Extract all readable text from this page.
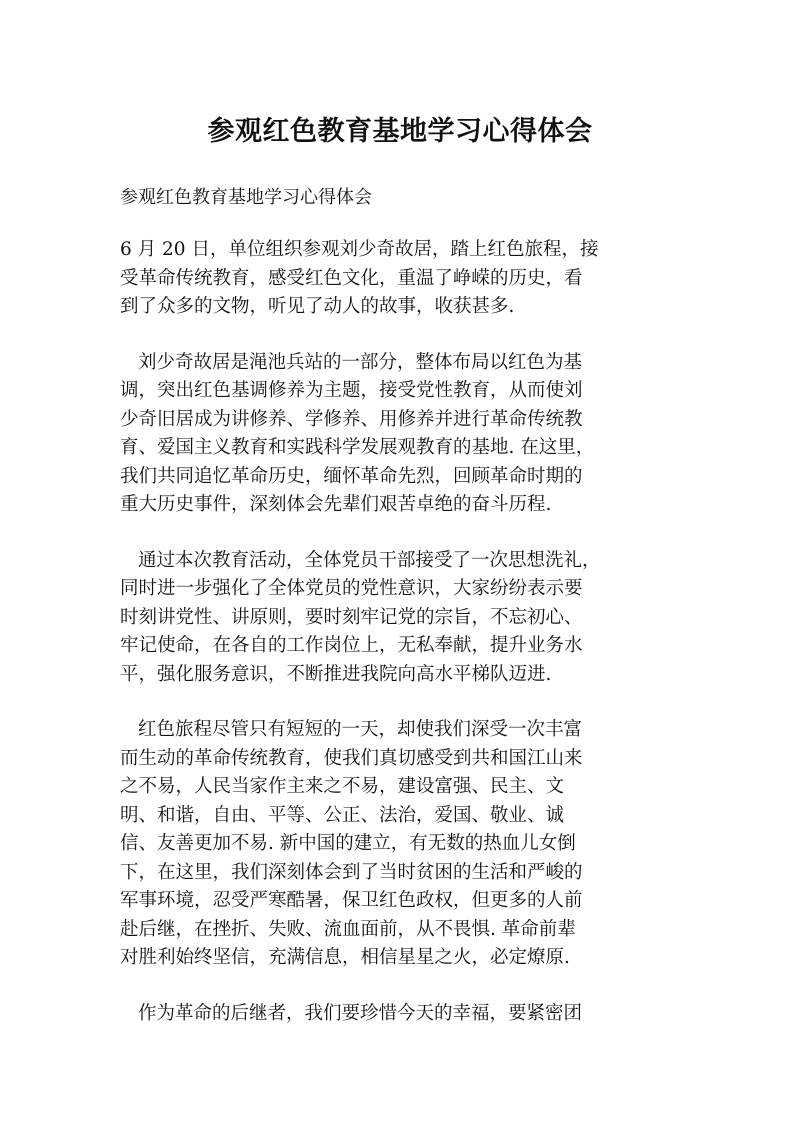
参观红色教育基地学习心得体会

参观红色教育基地学习心得体会

6 月 20 日，单位组织参观刘少奇故居，踏上红色旅程，接
受革命传统教育，感受红色文化，重温了峥嵘的历史，看
到了众多的文物，听见了动人的故事，收获甚多.

刘少奇故居是渑池兵站的一部分，整体布局以红色为基
调，突出红色基调修养为主题，接受党性教育，从而使刘
少奇旧居成为讲修养、学修养、用修养并进行革命传统教
育、爱国主义教育和实践科学发展观教育的基地. 在这里，
我们共同追忆革命历史，缅怀革命先烈，回顾革命时期的
重大历史事件，深刻体会先辈们艰苦卓绝的奋斗历程.

通过本次教育活动，全体党员干部接受了一次思想洗礼，
同时进一步强化了全体党员的党性意识，大家纷纷表示要
时刻讲党性、讲原则，要时刻牢记党的宗旨，不忘初心、
牢记使命，在各自的工作岗位上，无私奉献，提升业务水
平，强化服务意识，不断推进我院向高水平梯队迈进.

红色旅程尽管只有短短的一天，却使我们深受一次丰富
而生动的革命传统教育，使我们真切感受到共和国江山来
之不易，人民当家作主来之不易，建设富强、民主、文
明、和谐，自由、平等、公正、法治，爱国、敬业、诚
信、友善更加不易. 新中国的建立，有无数的热血儿女倒
下，在这里，我们深刻体会到了当时贫困的生活和严峻的
军事环境，忍受严寒酷暑，保卫红色政权，但更多的人前
赴后继，在挫折、失败、流血面前，从不畏惧. 革命前辈
对胜利始终坚信，充满信息，相信星星之火，必定燎原.

作为革命的后继者，我们要珍惜今天的幸福，要紧密团
